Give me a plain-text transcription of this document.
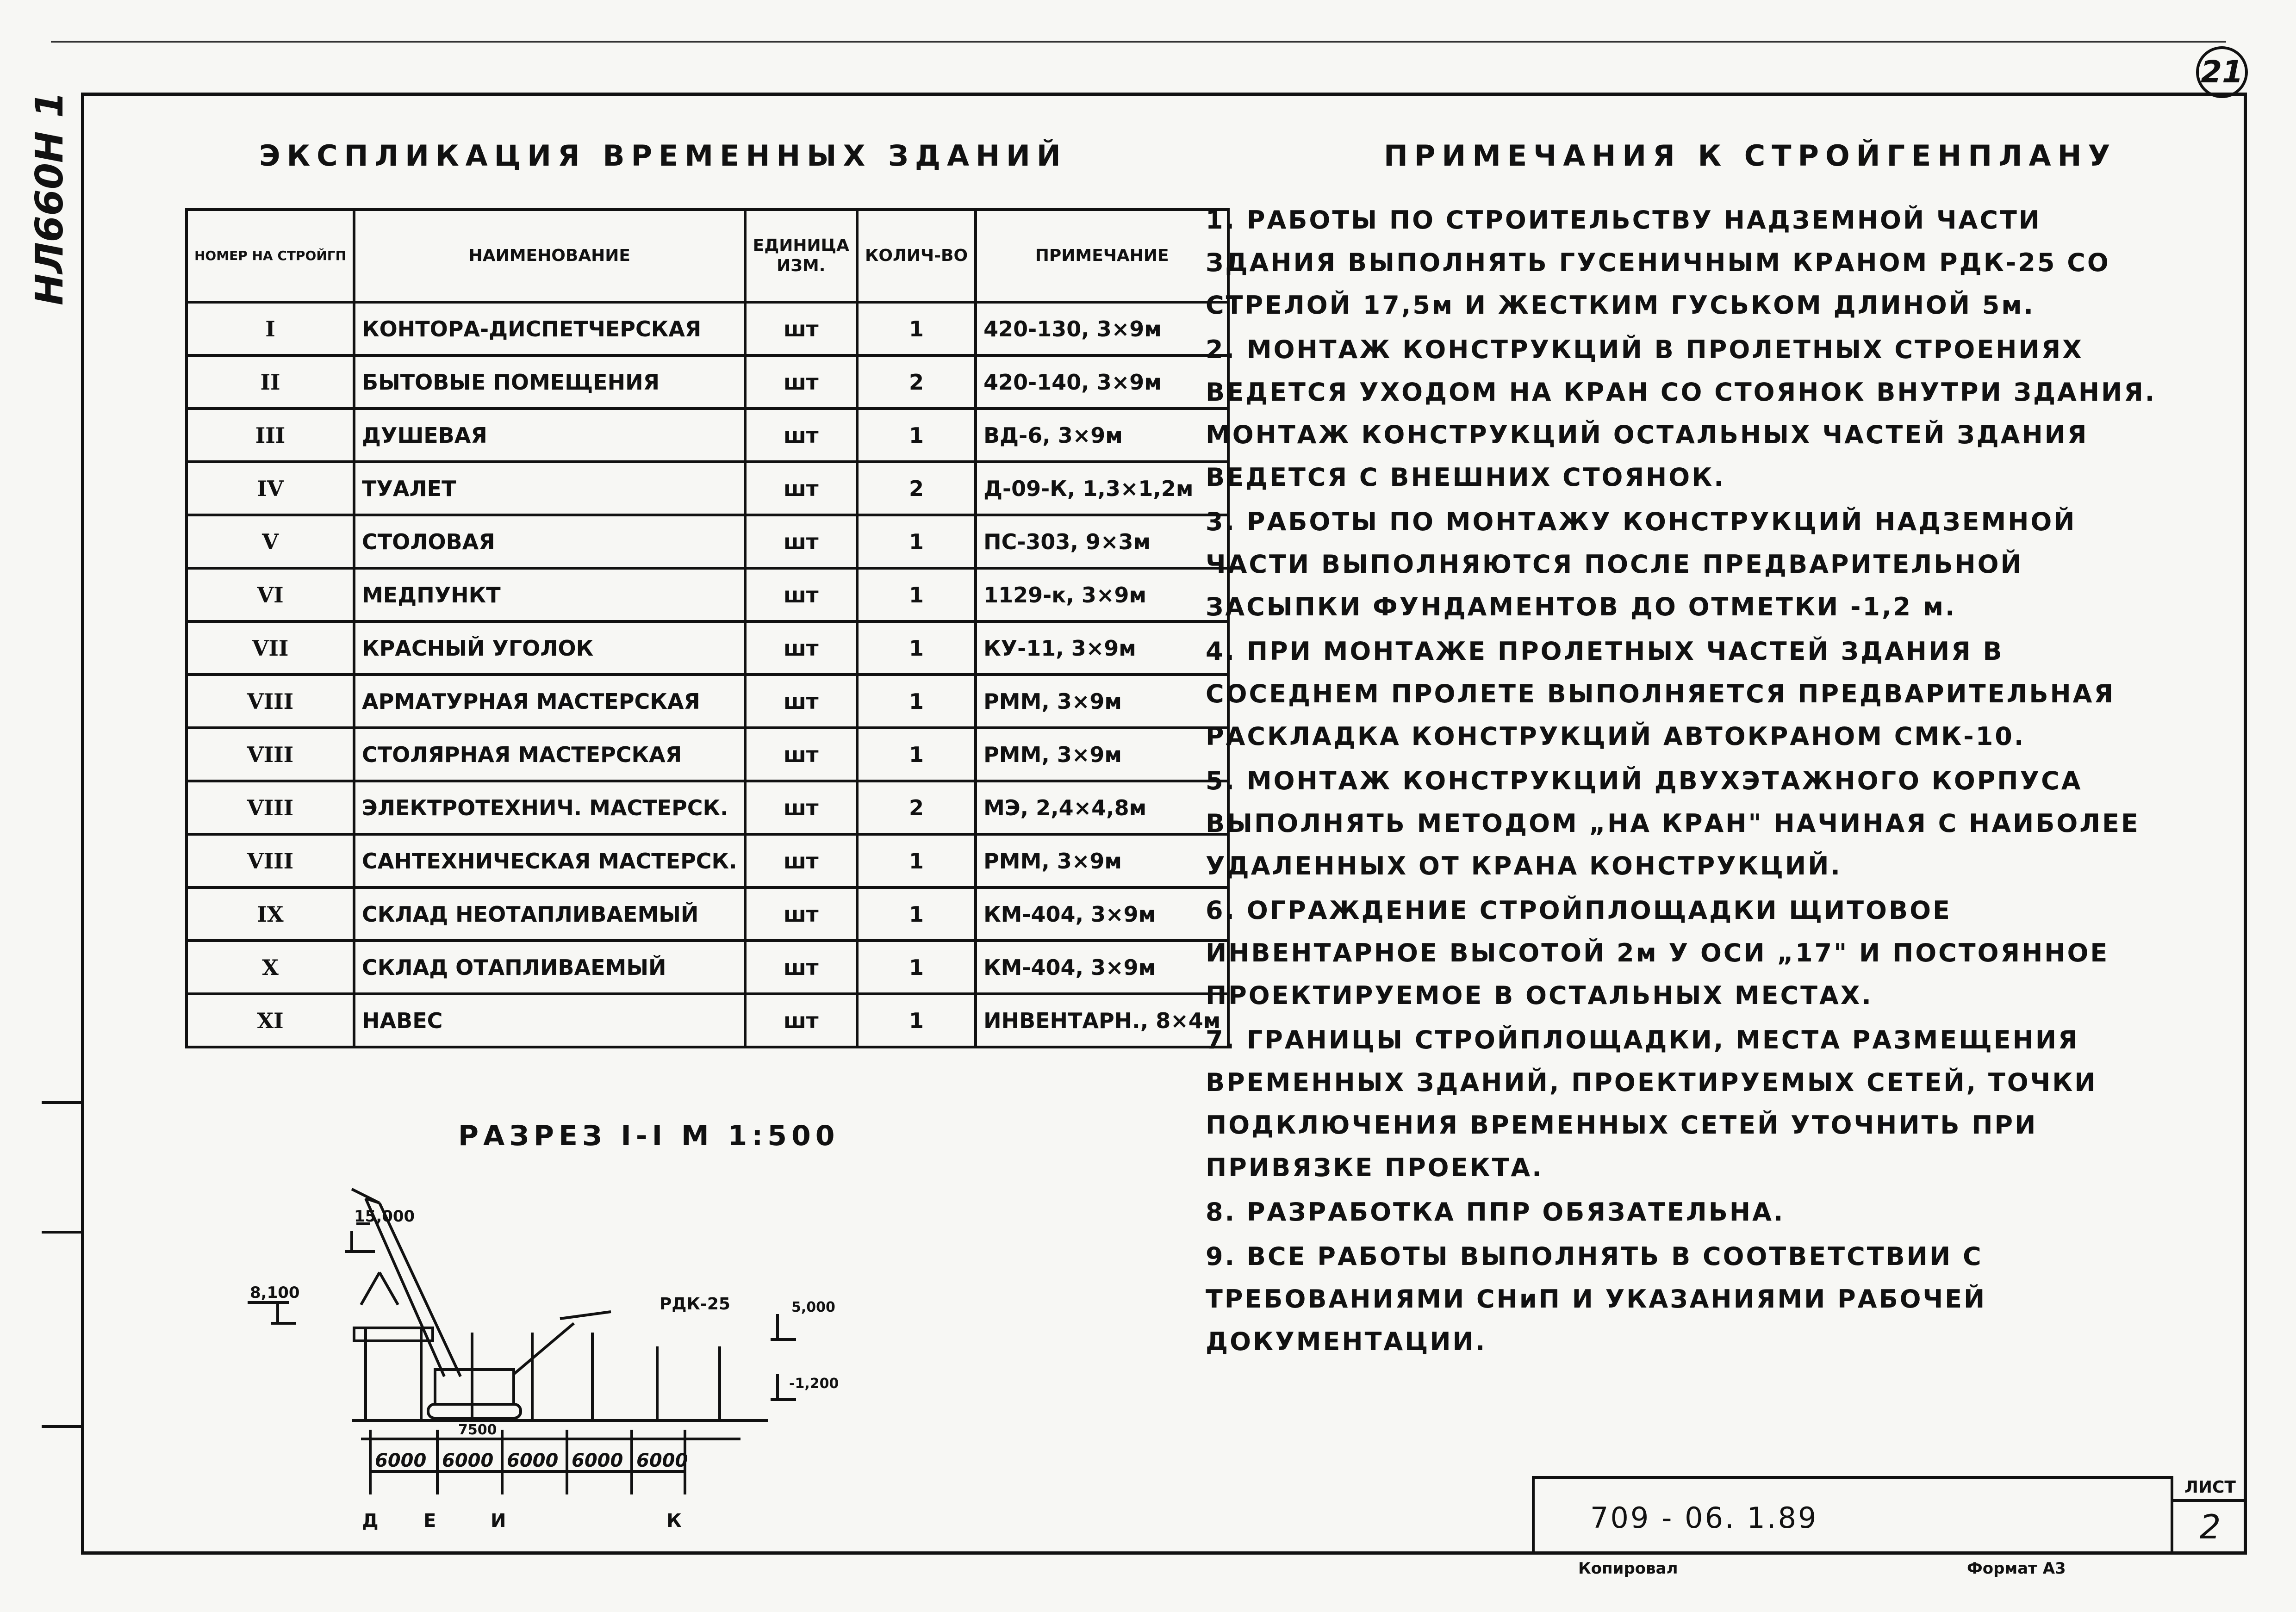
21
НЛ660Н 1	ЭКСПЛИКАЦИЯ ВРЕМЕННЫХ ЗДАНИЙ
НОМЕР НА СТРОЙГП	НАИМЕНОВАНИЕ	ЕДИНИЦА ИЗМ.	КОЛИЧ-ВО	ПРИМЕЧАНИЕ
I	КОНТОРА-ДИСПЕТЧЕРСКАЯ	шт	1	420-130, 3×9м
II	БЫТОВЫЕ ПОМЕЩЕНИЯ	шт	2	420-140, 3×9м
III	ДУШЕВАЯ	шт	1	ВД-6, 3×9м
IV	ТУАЛЕТ	шт	2	Д-09-К, 1,3×1,2м
V	СТОЛОВАЯ	шт	1	ПС-303, 9×3м
VI	МЕДПУНКТ	шт	1	1129-к, 3×9м
VII	КРАСНЫЙ УГОЛОК	шт	1	КУ-11, 3×9м
VIII	АРМАТУРНАЯ МАСТЕРСКАЯ	шт	1	РММ, 3×9м
VIII	СТОЛЯРНАЯ МАСТЕРСКАЯ	шт	1	РММ, 3×9м
VIII	ЭЛЕКТРОТЕХНИЧ. МАСТЕРСК.	шт	2	МЭ, 2,4×4,8м
VIII	САНТЕХНИЧЕСКАЯ МАСТЕРСК.	шт	1	РММ, 3×9м
IX	СКЛАД НЕОТАПЛИВАЕМЫЙ	шт	1	КМ-404, 3×9м
X	СКЛАД ОТАПЛИВАЕМЫЙ	шт	1	КМ-404, 3×9м
XI	НАВЕС	шт	1	ИНВЕНТАРН., 8×4м
ПРИМЕЧАНИЯ К СТРОЙГЕНПЛАНУ
1. РАБОТЫ ПО СТРОИТЕЛЬСТВУ НАДЗЕМНОЙ ЧАСТИ ЗДАНИЯ ВЫПОЛНЯТЬ ГУСЕНИЧНЫМ КРАНОМ РДК-25 СО СТРЕЛОЙ 17,5м И ЖЕСТКИМ ГУСЬКОМ ДЛИНОЙ 5м.
2. МОНТАЖ КОНСТРУКЦИЙ В ПРОЛЕТНЫХ СТРОЕНИЯХ ВЕДЕТСЯ УХОДОМ НА КРАН СО СТОЯНОК ВНУТРИ ЗДАНИЯ. МОНТАЖ КОНСТРУКЦИЙ ОСТАЛЬНЫХ ЧАСТЕЙ ЗДАНИЯ ВЕДЕТСЯ С ВНЕШНИХ СТОЯНОК.
3. РАБОТЫ ПО МОНТАЖУ КОНСТРУКЦИЙ НАДЗЕМНОЙ ЧАСТИ ВЫПОЛНЯЮТСЯ ПОСЛЕ ПРЕДВАРИТЕЛЬНОЙ ЗАСЫПКИ ФУНДАМЕНТОВ ДО ОТМЕТКИ -1,2 м.
4. ПРИ МОНТАЖЕ ПРОЛЕТНЫХ ЧАСТЕЙ ЗДАНИЯ В СОСЕДНЕМ ПРОЛЕТЕ ВЫПОЛНЯЕТСЯ ПРЕДВАРИТЕЛЬНАЯ РАСКЛАДКА КОНСТРУКЦИЙ АВТОКРАНОМ СМК-10.
5. МОНТАЖ КОНСТРУКЦИЙ ДВУХЭТАЖНОГО КОРПУСА ВЫПОЛНЯТЬ МЕТОДОМ „НА КРАН" НАЧИНАЯ С НАИБОЛЕЕ УДАЛЕННЫХ ОТ КРАНА КОНСТРУКЦИЙ.
6. ОГРАЖДЕНИЕ СТРОЙПЛОЩАДКИ ЩИТОВОЕ ИНВЕНТАРНОЕ ВЫСОТОЙ 2м У ОСИ „17" И ПОСТОЯННОЕ ПРОЕКТИРУЕМОЕ В ОСТАЛЬНЫХ МЕСТАХ.
7. ГРАНИЦЫ СТРОЙПЛОЩАДКИ, МЕСТА РАЗМЕЩЕНИЯ ВРЕМЕННЫХ ЗДАНИЙ, ПРОЕКТИРУЕМЫХ СЕТЕЙ, ТОЧКИ ПОДКЛЮЧЕНИЯ ВРЕМЕННЫХ СЕТЕЙ УТОЧНИТЬ ПРИ ПРИВЯЗКЕ ПРОЕКТА.
8. РАЗРАБОТКА ППР ОБЯЗАТЕЛЬНА.
9. ВСЕ РАБОТЫ ВЫПОЛНЯТЬ В СООТВЕТСТВИИ С ТРЕБОВАНИЯМИ СНиП И УКАЗАНИЯМИ РАБОЧЕЙ ДОКУМЕНТАЦИИ.
РАЗРЕЗ I-I М 1:500
15,000
8,100
5,000
-1,200
РДК-25
7500
6000 6000 6000 6000 6000
Д Е	И	К	709 - 06. 1.89
ЛИСТ
2
Копировал	Формат А3
